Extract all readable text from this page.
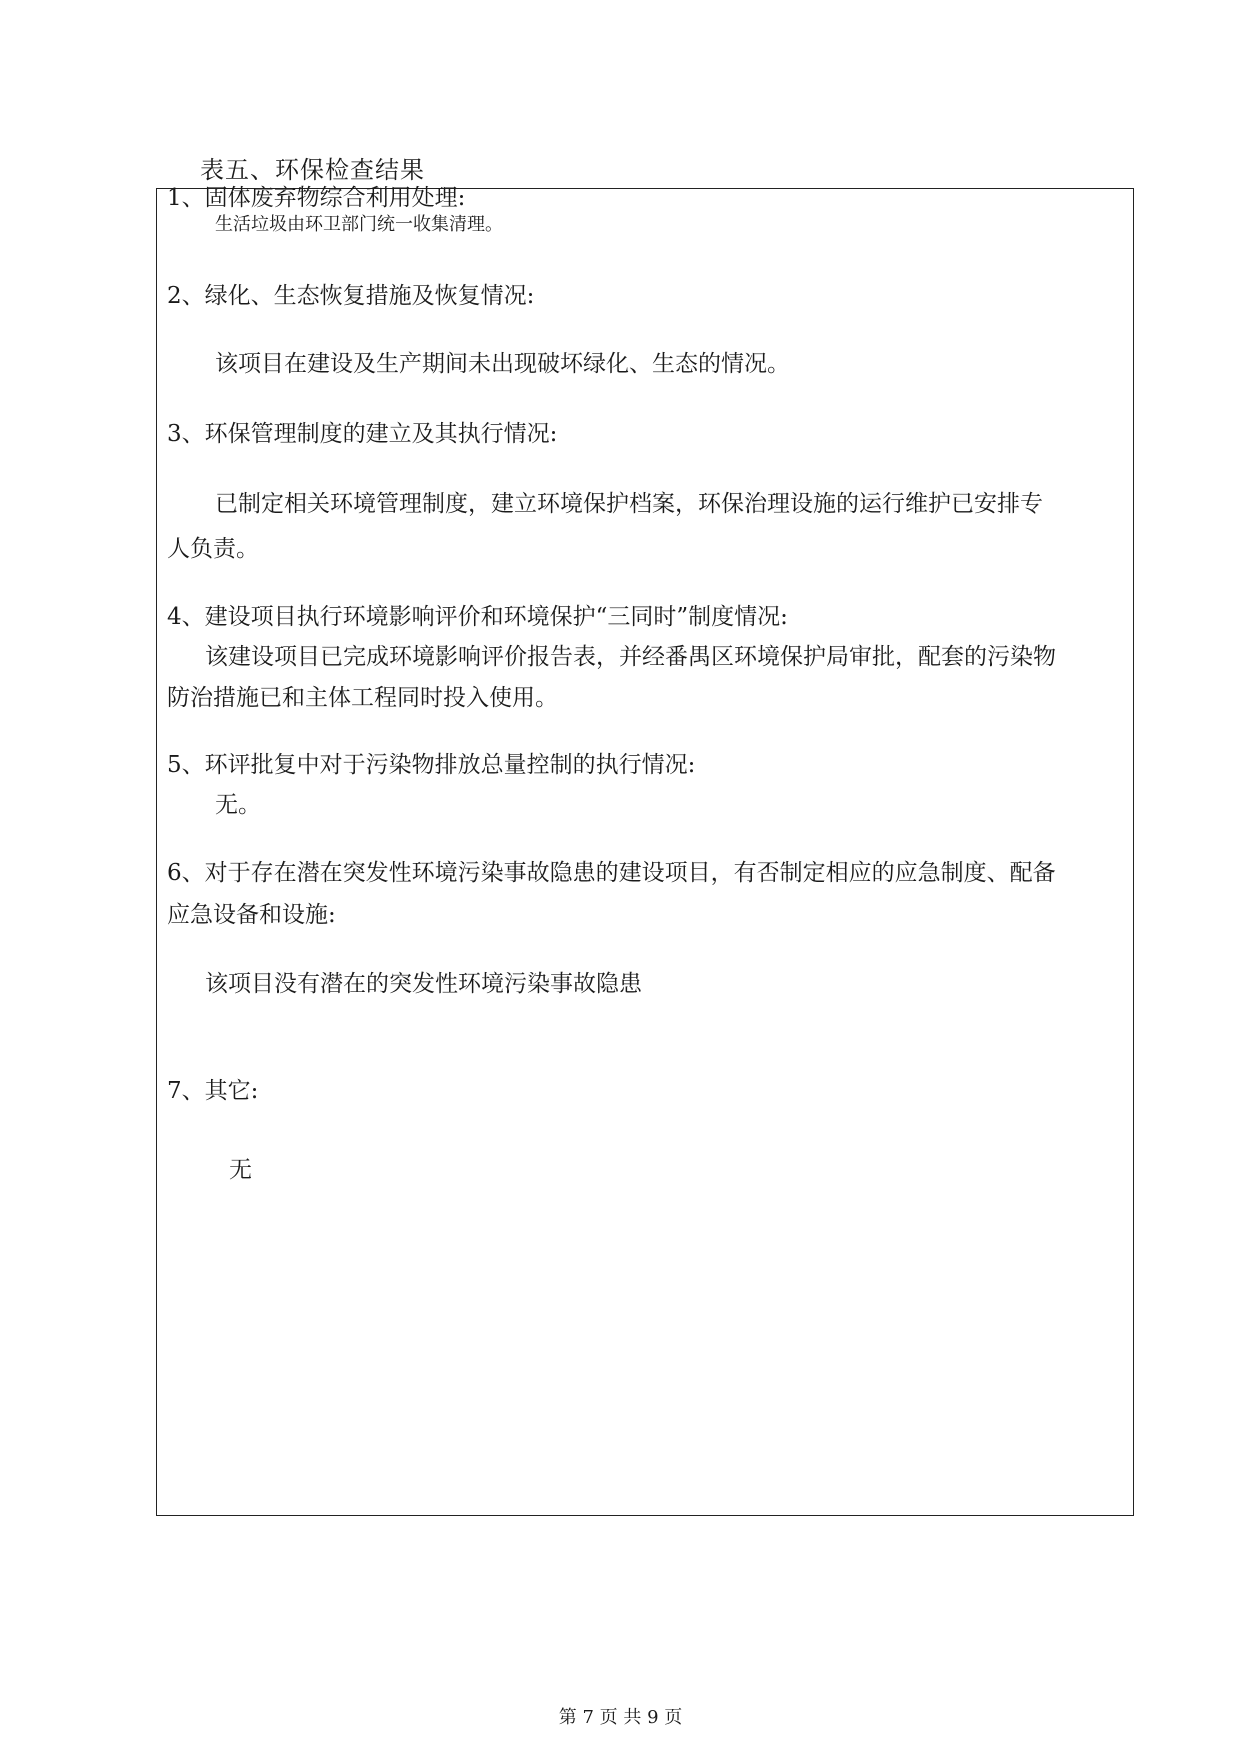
表五、环保检查结果
1、固体废弃物综合利用处理:
生活垃圾由环卫部门统一收集清理。
2、绿化、生态恢复措施及恢复情况:
该项目在建设及生产期间未出现破坏绿化、生态的情况。
3、环保管理制度的建立及其执行情况:
已制定相关环境管理制度，建立环境保护档案，环保治理设施的运行维护已安排专
人负责。
4、建设项目执行环境影响评价和环境保护“三同时”制度情况:
该建设项目已完成环境影响评价报告表，并经番禺区环境保护局审批，配套的污染物
防治措施已和主体工程同时投入使用。
5、环评批复中对于污染物排放总量控制的执行情况:
无。
6、对于存在潜在突发性环境污染事故隐患的建设项目，有否制定相应的应急制度、配备
应急设备和设施:
该项目没有潜在的突发性环境污染事故隐患
7、其它:
无
第 7 页 共 9 页
